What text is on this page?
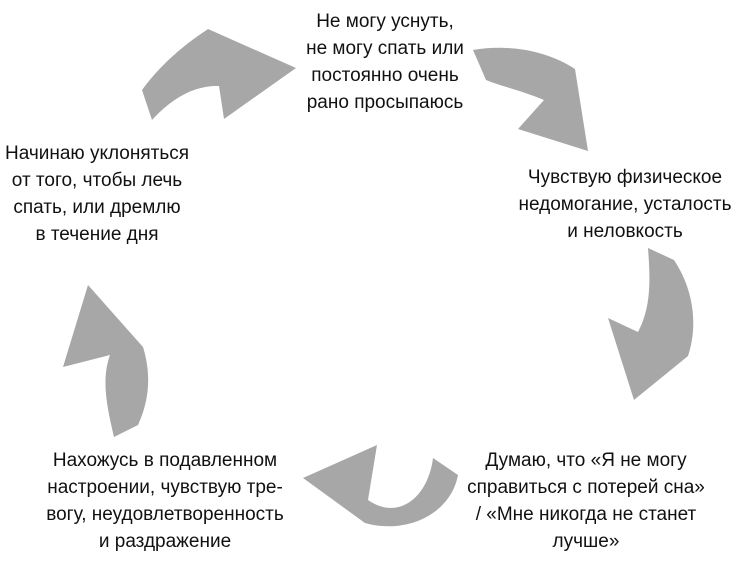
Не могу уснуть,
не могу спать или
постоянно очень
рано просыпаюсь
Чувствую физическое
недомогание, усталость
и неловкость
Думаю, что «Я не могу
справиться с потерей сна»
/ «Мне никогда не станет
лучше»
Нахожусь в подавленном
настроении, чувствую тре-
вогу, неудовлетворенность
и раздражение
Начинаю уклоняться
от того, чтобы лечь
спать, или дремлю
в течение дня
